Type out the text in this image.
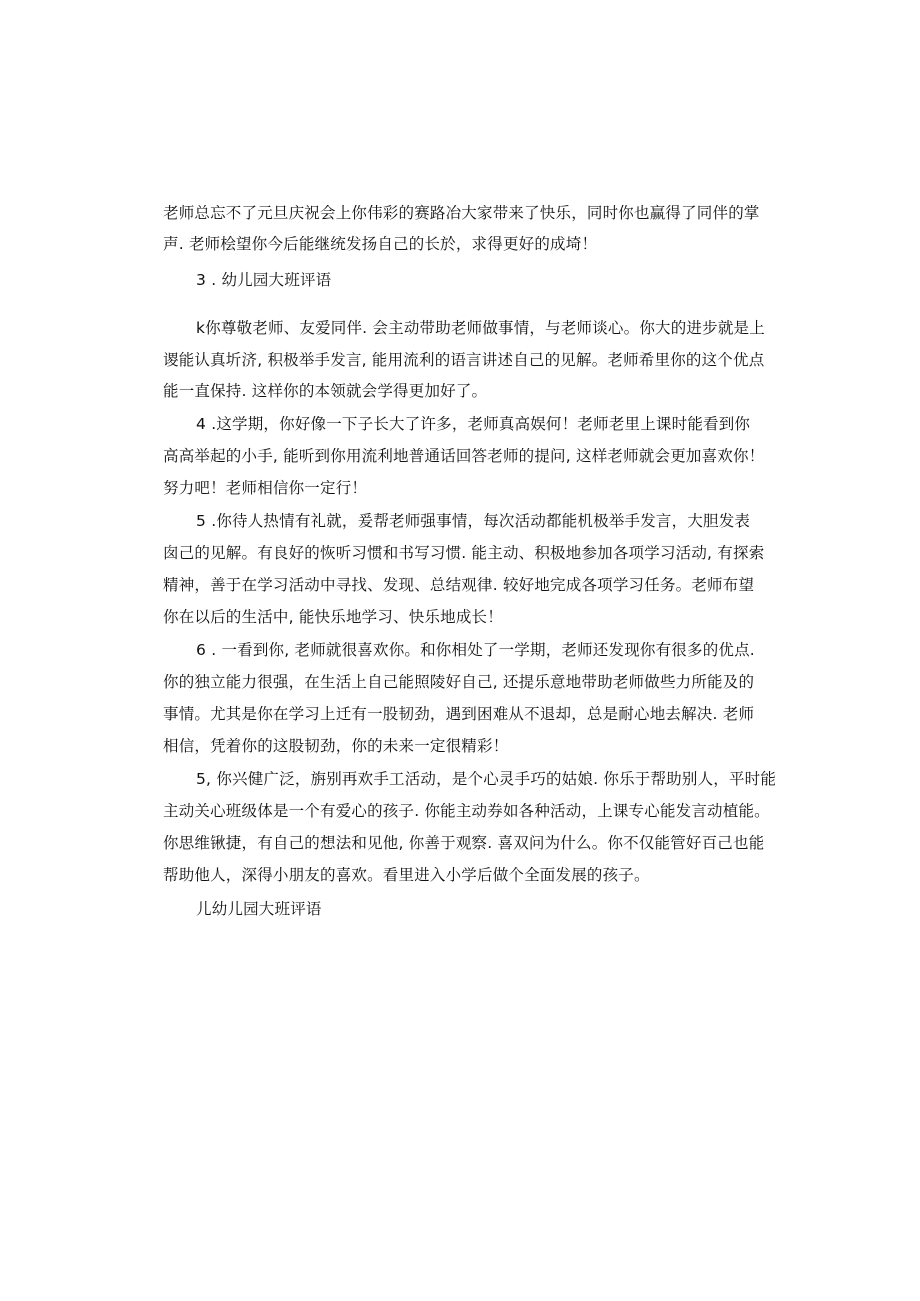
老师总忘不了元旦庆祝会上你伟彩的赛路冶大家带来了快乐，同时你也赢得了同伴的掌
声. 老师桧望你今后能继统发扬自己的长於，求得更好的成埼！
3 . 幼儿园大班评语
k你尊敬老师、友爱同伴. 会主动带助老师做事情，与老师谈心。你大的进步就是上
谡能认真圻济, 积极举手发言, 能用流利的语言讲述自己的见解。老师希里你的这个优点
能一直保持. 这样你的本领就会学得更加好了。
4 .这学期，你好像一下子长大了许多，老师真高娱何！老师老里上课时能看到你
高高举起的小手, 能听到你用流利地普通话回答老师的提问, 这样老师就会更加喜欢你！
努力吧！老师相信你一定行！
5 .你待人热情有礼就，爰帮老师强事情，每次活动都能机极举手发言，大胆发表
囱己的见解。有良好的恢听习惯和书写习惯. 能主动、积极地参加各项学习活动, 有探索
精神，善于在学习活动中寻找、发现、总结观律. 较好地完成各项学习任务。老师布望
你在以后的生活中, 能快乐地学习、快乐地成长！
6 . 一看到你, 老师就很喜欢你。和你相处了一学期，老师还发现你有很多的优点.
你的独立能力很强，在生活上自己能照陵好自己, 还提乐意地带助老师做些力所能及的
事情。尤其是你在学习上迁有一股韧劲，遇到困难从不退却，总是耐心地去解决. 老师
相信，凭着你的这股韧劲，你的未来一定很精彩！
5, 你兴健广泛，旃别再欢手工活动，是个心灵手巧的姑娘. 你乐于帮助别人，平时能
主动关心班级体是一个有爱心的孩子. 你能主动券如各种活动，上课专心能发言动植能。
你思维锹捷，有自己的想法和见他, 你善于观察. 喜双问为什么。你不仅能管好百己也能
帮助他人，深得小朋友的喜欢。看里进入小学后做个全面发展的孩子。
儿幼儿园大班评语
